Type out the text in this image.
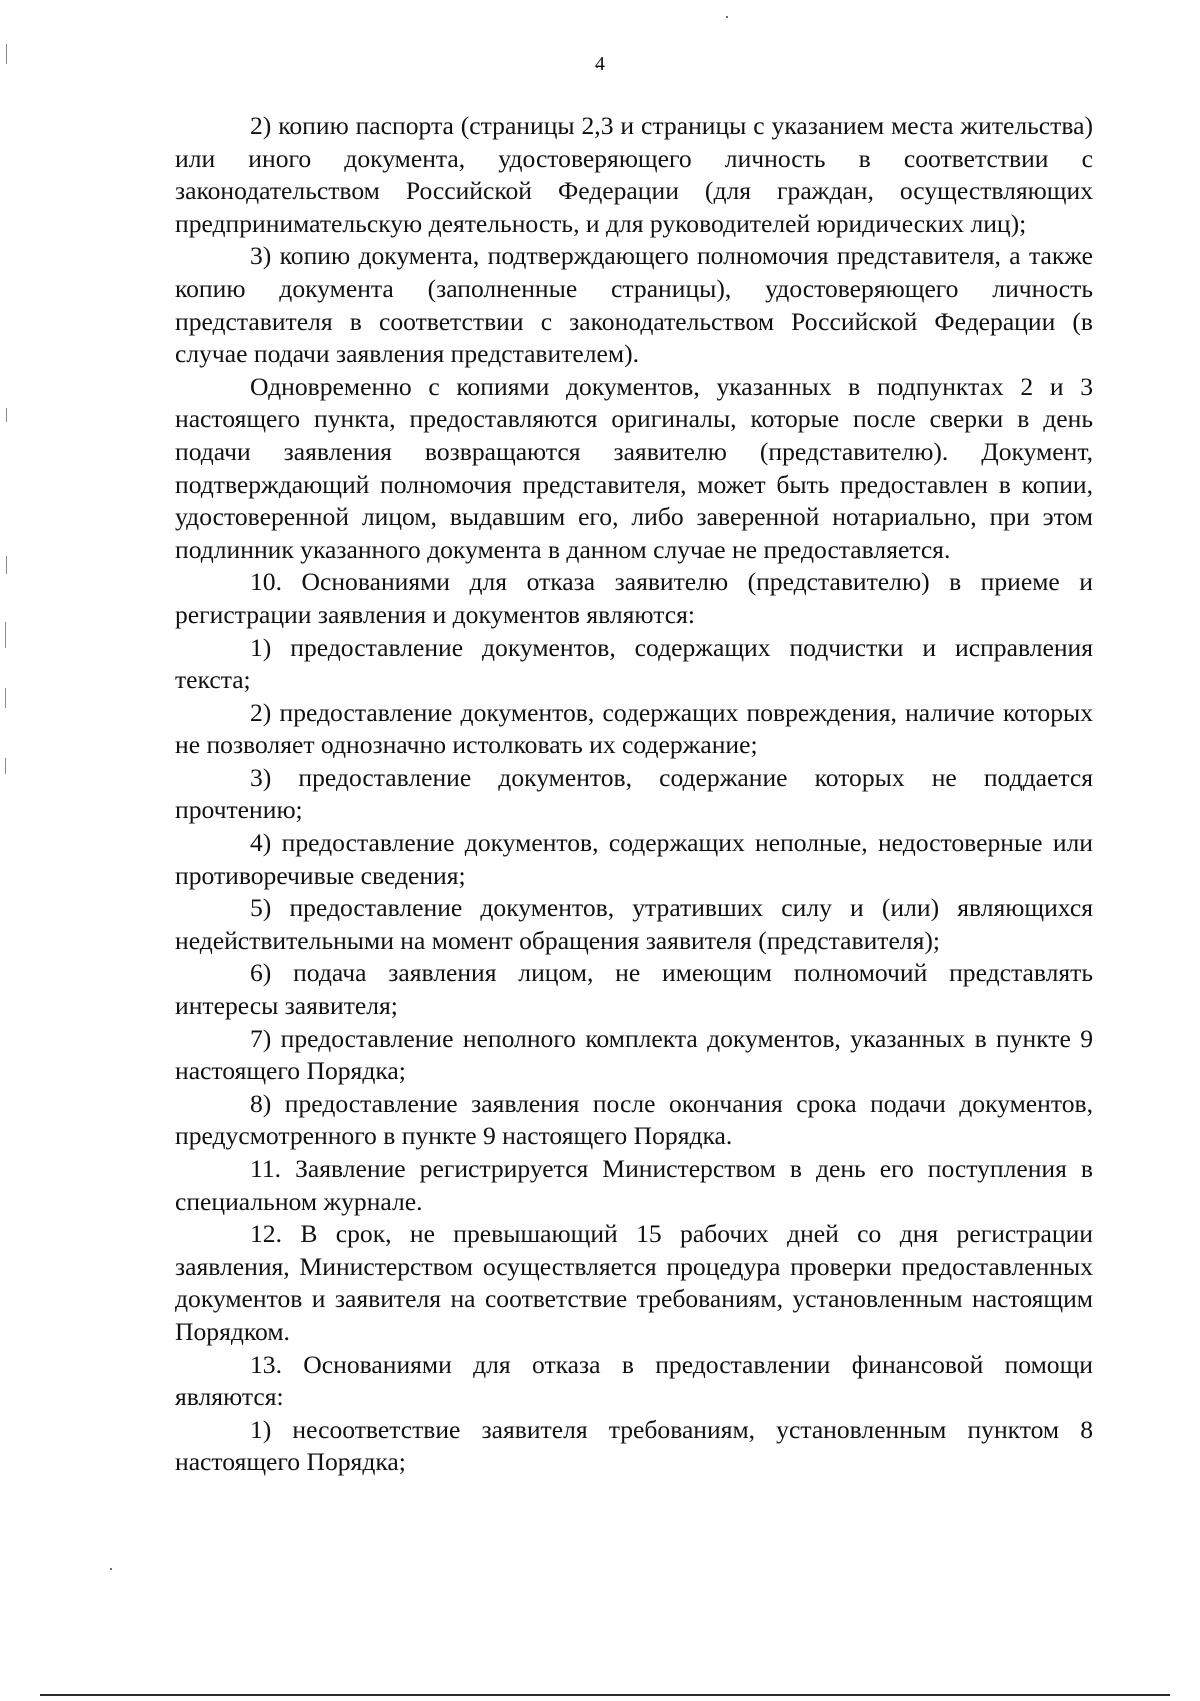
4

2) копию паспорта (страницы 2,3 и страницы с указанием места жительства) или иного документа, удостоверяющего личность в соответствии с законодательством Российской Федерации (для граждан, осуществляющих предпринимательскую деятельность, и для руководителей юридических лиц);

3) копию документа, подтверждающего полномочия представителя, а также копию документа (заполненные страницы), удостоверяющего личность представителя в соответствии с законодательством Российской Федерации (в случае подачи заявления представителем).

Одновременно с копиями документов, указанных в подпунктах 2 и 3 настоящего пункта, предоставляются оригиналы, которые после сверки в день подачи заявления возвращаются заявителю (представителю). Документ, подтверждающий полномочия представителя, может быть предоставлен в копии, удостоверенной лицом, выдавшим его, либо заверенной нотариально, при этом подлинник указанного документа в данном случае не предоставляется.

10. Основаниями для отказа заявителю (представителю) в приеме и регистрации заявления и документов являются:

1) предоставление документов, содержащих подчистки и исправления текста;

2) предоставление документов, содержащих повреждения, наличие которых не позволяет однозначно истолковать их содержание;

3) предоставление документов, содержание которых не поддается прочтению;

4) предоставление документов, содержащих неполные, недостоверные или противоречивые сведения;

5) предоставление документов, утративших силу и (или) являющихся недействительными на момент обращения заявителя (представителя);

6) подача заявления лицом, не имеющим полномочий представлять интересы заявителя;

7) предоставление неполного комплекта документов, указанных в пункте 9 настоящего Порядка;

8) предоставление заявления после окончания срока подачи документов, предусмотренного в пункте 9 настоящего Порядка.

11. Заявление регистрируется Министерством в день его поступления в специальном журнале.

12. В срок, не превышающий 15 рабочих дней со дня регистрации заявления, Министерством осуществляется процедура проверки предоставленных документов и заявителя на соответствие требованиям, установленным настоящим Порядком.

13. Основаниями для отказа в предоставлении финансовой помощи являются:

1) несоответствие заявителя требованиям, установленным пунктом 8 настоящего Порядка;
